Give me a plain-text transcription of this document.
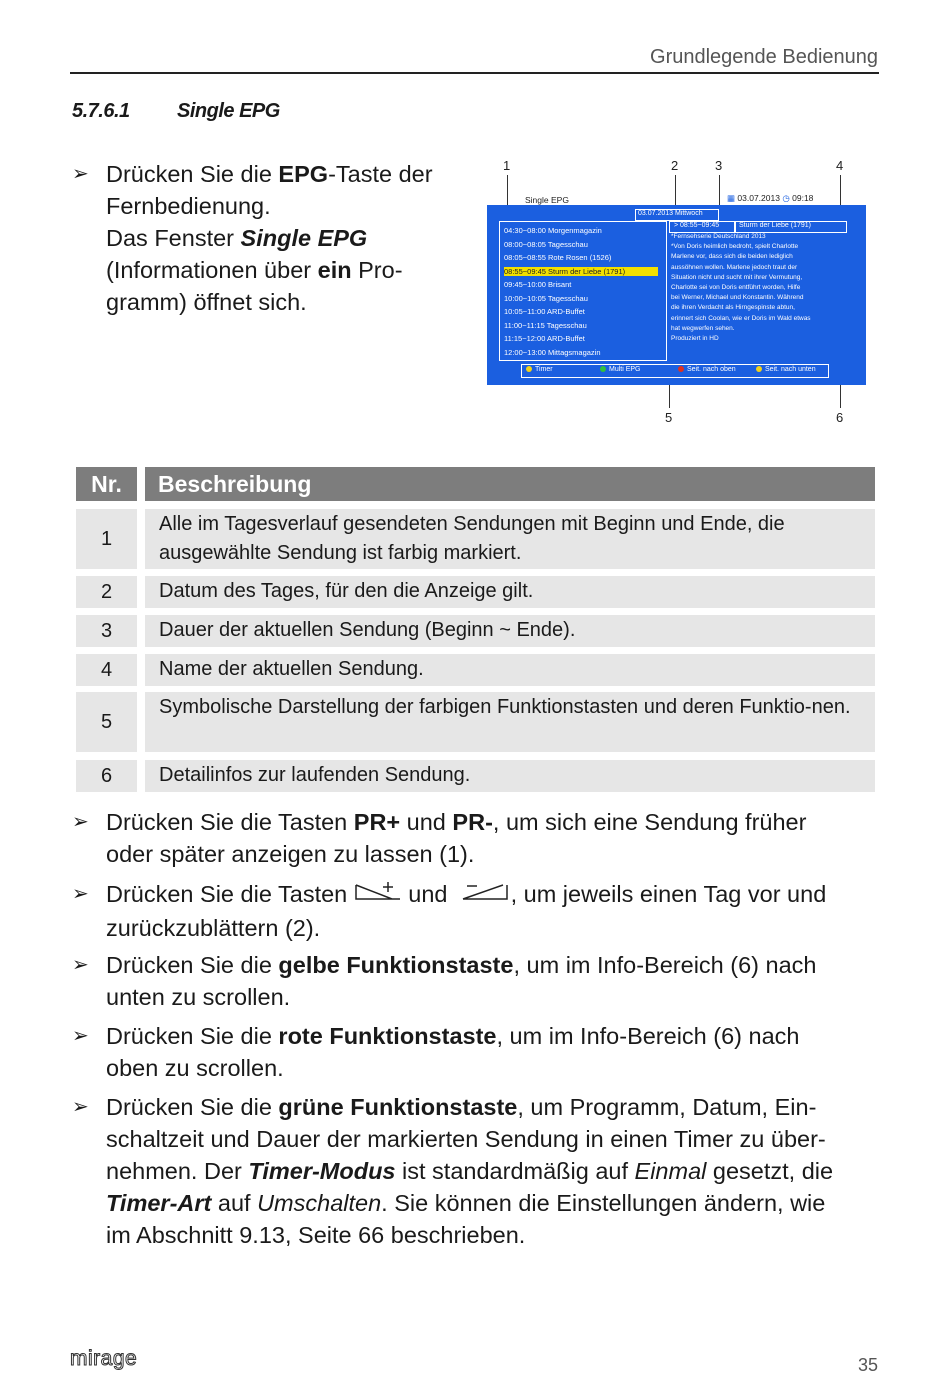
Grundlegende Bedienung
5.7.6.1 Single EPG
➢ Drücken Sie die EPG-Taste der
Fernbedienung.
Das Fenster Single EPG
(Informationen über ein Pro-
gramm) öffnet sich.
1	2	3	4
5	6
Single EPG	▦ 03.07.2013 ◷ 09:18
03.07.2013 Mittwoch
04:30~08:00 Morgenmagazin
08:00~08:05 Tagesschau
08:05~08:55 Rote Rosen (1526)
08:55~09:45 Sturm der Liebe (1791)
09:45~10:00 Brisant
10:00~10:05 Tagesschau
10:05~11:00 ARD-Buffet
11:00~11:15 Tagesschau
11:15~12:00 ARD-Buffet
12:00~13:00 Mittagsmagazin
> 08:55~09:45	Sturm der Liebe (1791)
*Fernsehserie Deutschland 2013
*Von Doris heimlich bedroht, spielt Charlotte
Marlene vor, dass sich die beiden lediglich
aussöhnen wollen. Marlene jedoch traut der
Situation nicht und sucht mit ihrer Vermutung,
Charlotte sei von Doris entführt worden, Hilfe
bei Werner, Michael und Konstantin. Während
die ihren Verdacht als Hirngespinste abtun,
erinnert sich Coolan, wie er Doris im Wald etwas
hat wegwerfen sehen.
Produziert in HD
Timer	Multi EPG	Seit. nach oben	Seit. nach unten
Nr.	Beschreibung
1
Alle im Tagesverlauf gesendeten Sendungen mit Beginn und Ende, die ausgewählte Sendung ist farbig markiert.
2	Datum des Tages, für den die Anzeige gilt.
3	Dauer der aktuellen Sendung (Beginn ~ Ende).
4	Name der aktuellen Sendung.
5
Symbolische Darstellung der farbigen Funktionstasten und deren Funktio-nen.
6	Detailinfos zur laufenden Sendung.
➢ Drücken Sie die Tasten PR+ und PR-, um sich eine Sendung früher
oder später anzeigen zu lassen (1).
➢ Drücken Sie die Tasten  und  , um jeweils einen Tag vor und
zurückzublättern (2).
➢ Drücken Sie die gelbe Funktionstaste, um im Info-Bereich (6) nach
unten zu scrollen.
➢ Drücken Sie die rote Funktionstaste, um im Info-Bereich (6) nach
oben zu scrollen.
➢ Drücken Sie die grüne Funktionstaste, um Programm, Datum, Ein-
schaltzeit und Dauer der markierten Sendung in einen Timer zu über-
nehmen. Der Timer-Modus ist standardmäßig auf Einmal gesetzt, die
Timer-Art auf Umschalten. Sie können die Einstellungen ändern, wie
im Abschnitt 9.13, Seite 66 beschrieben.
mirage	35
